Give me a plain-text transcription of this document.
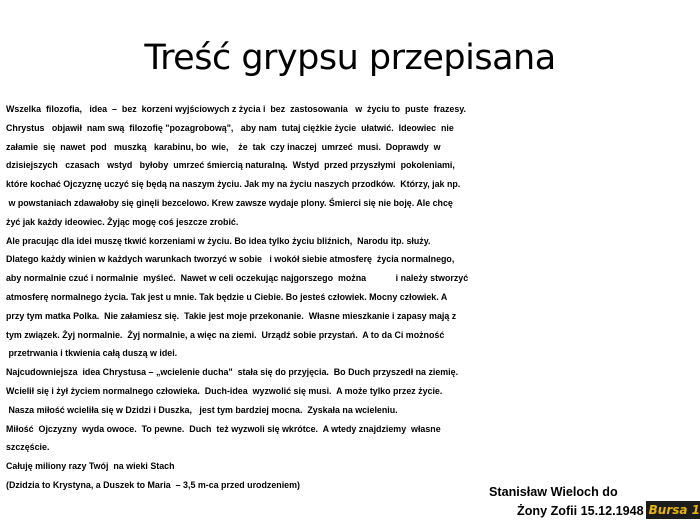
Treść grypsu przepisana
Wszelka  filozofia,   idea  –  bez  korzeni wyjściowych z życia i  bez  zastosowania   w  życiu to  puste  frazesy.
Chrystus   objawił  nam swą  filozofię "pozagrobową",   aby nam  tutaj ciężkie życie  ułatwić.  Ideowiec  nie
załamie  się  nawet  pod   muszką   karabinu, bo  wie,    że  tak  czy inaczej  umrzeć  musi.  Doprawdy  w
dzisiejszych   czasach   wstyd   byłoby  umrzeć śmiercią naturalną.  Wstyd  przed przyszłymi  pokoleniami,
które kochać Ojczyznę uczyć się będą na naszym życiu. Jak my na życiu naszych przodków.  Którzy, jak np.
w powstaniach zdawałoby się ginęli bezcelowo. Krew zawsze wydaje plony. Śmierci się nie boję. Ale chcę
żyć jak każdy ideowiec. Żyjąc mogę coś jeszcze zrobić.
Ale pracując dla idei muszę tkwić korzeniami w życiu. Bo idea tylko życiu bliźnich,  Narodu itp. służy.
Dlatego każdy winien w każdych warunkach tworzyć w sobie   i wokół siebie atmosferę  życia normalnego,
aby normalnie czuć i normalnie  myśleć.  Nawet w celi oczekując najgorszego  można            i należy stworzyć
atmosferę normalnego życia. Tak jest u mnie. Tak będzie u Ciebie. Bo jesteś człowiek. Mocny człowiek. A
przy tym matka Polka.  Nie załamiesz się.  Takie jest moje przekonanie.  Własne mieszkanie i zapasy mają z
tym związek. Żyj normalnie.  Żyj normalnie, a więc na ziemi.  Urządź sobie przystań.  A to da Ci możność
przetrwania i tkwienia całą duszą w idei.
Najcudowniejsza  idea Chrystusa – „wcielenie ducha"  stała się do przyjęcia.  Bo Duch przyszedł na ziemię.
Wcielił się i żył życiem normalnego człowieka.  Duch-idea  wyzwolić się musi.  A może tylko przez życie.
Nasza miłość wcieliła się w Dzidzi i Duszka,   jest tym bardziej mocna.  Zyskała na wcieleniu.
Miłość  Ojczyzny  wyda owoce.  To pewne.  Duch  też wyzwoli się wkrótce.  A wtedy znajdziemy  własne
szczęście.
Całuję miliony razy Twój  na wieki Stach
(Dzidzia to Krystyna, a Duszek to Maria  – 3,5 m-ca przed urodzeniem)
Stanisław Wieloch do
Żony Zofii 15.12.1948 Bursa 1
